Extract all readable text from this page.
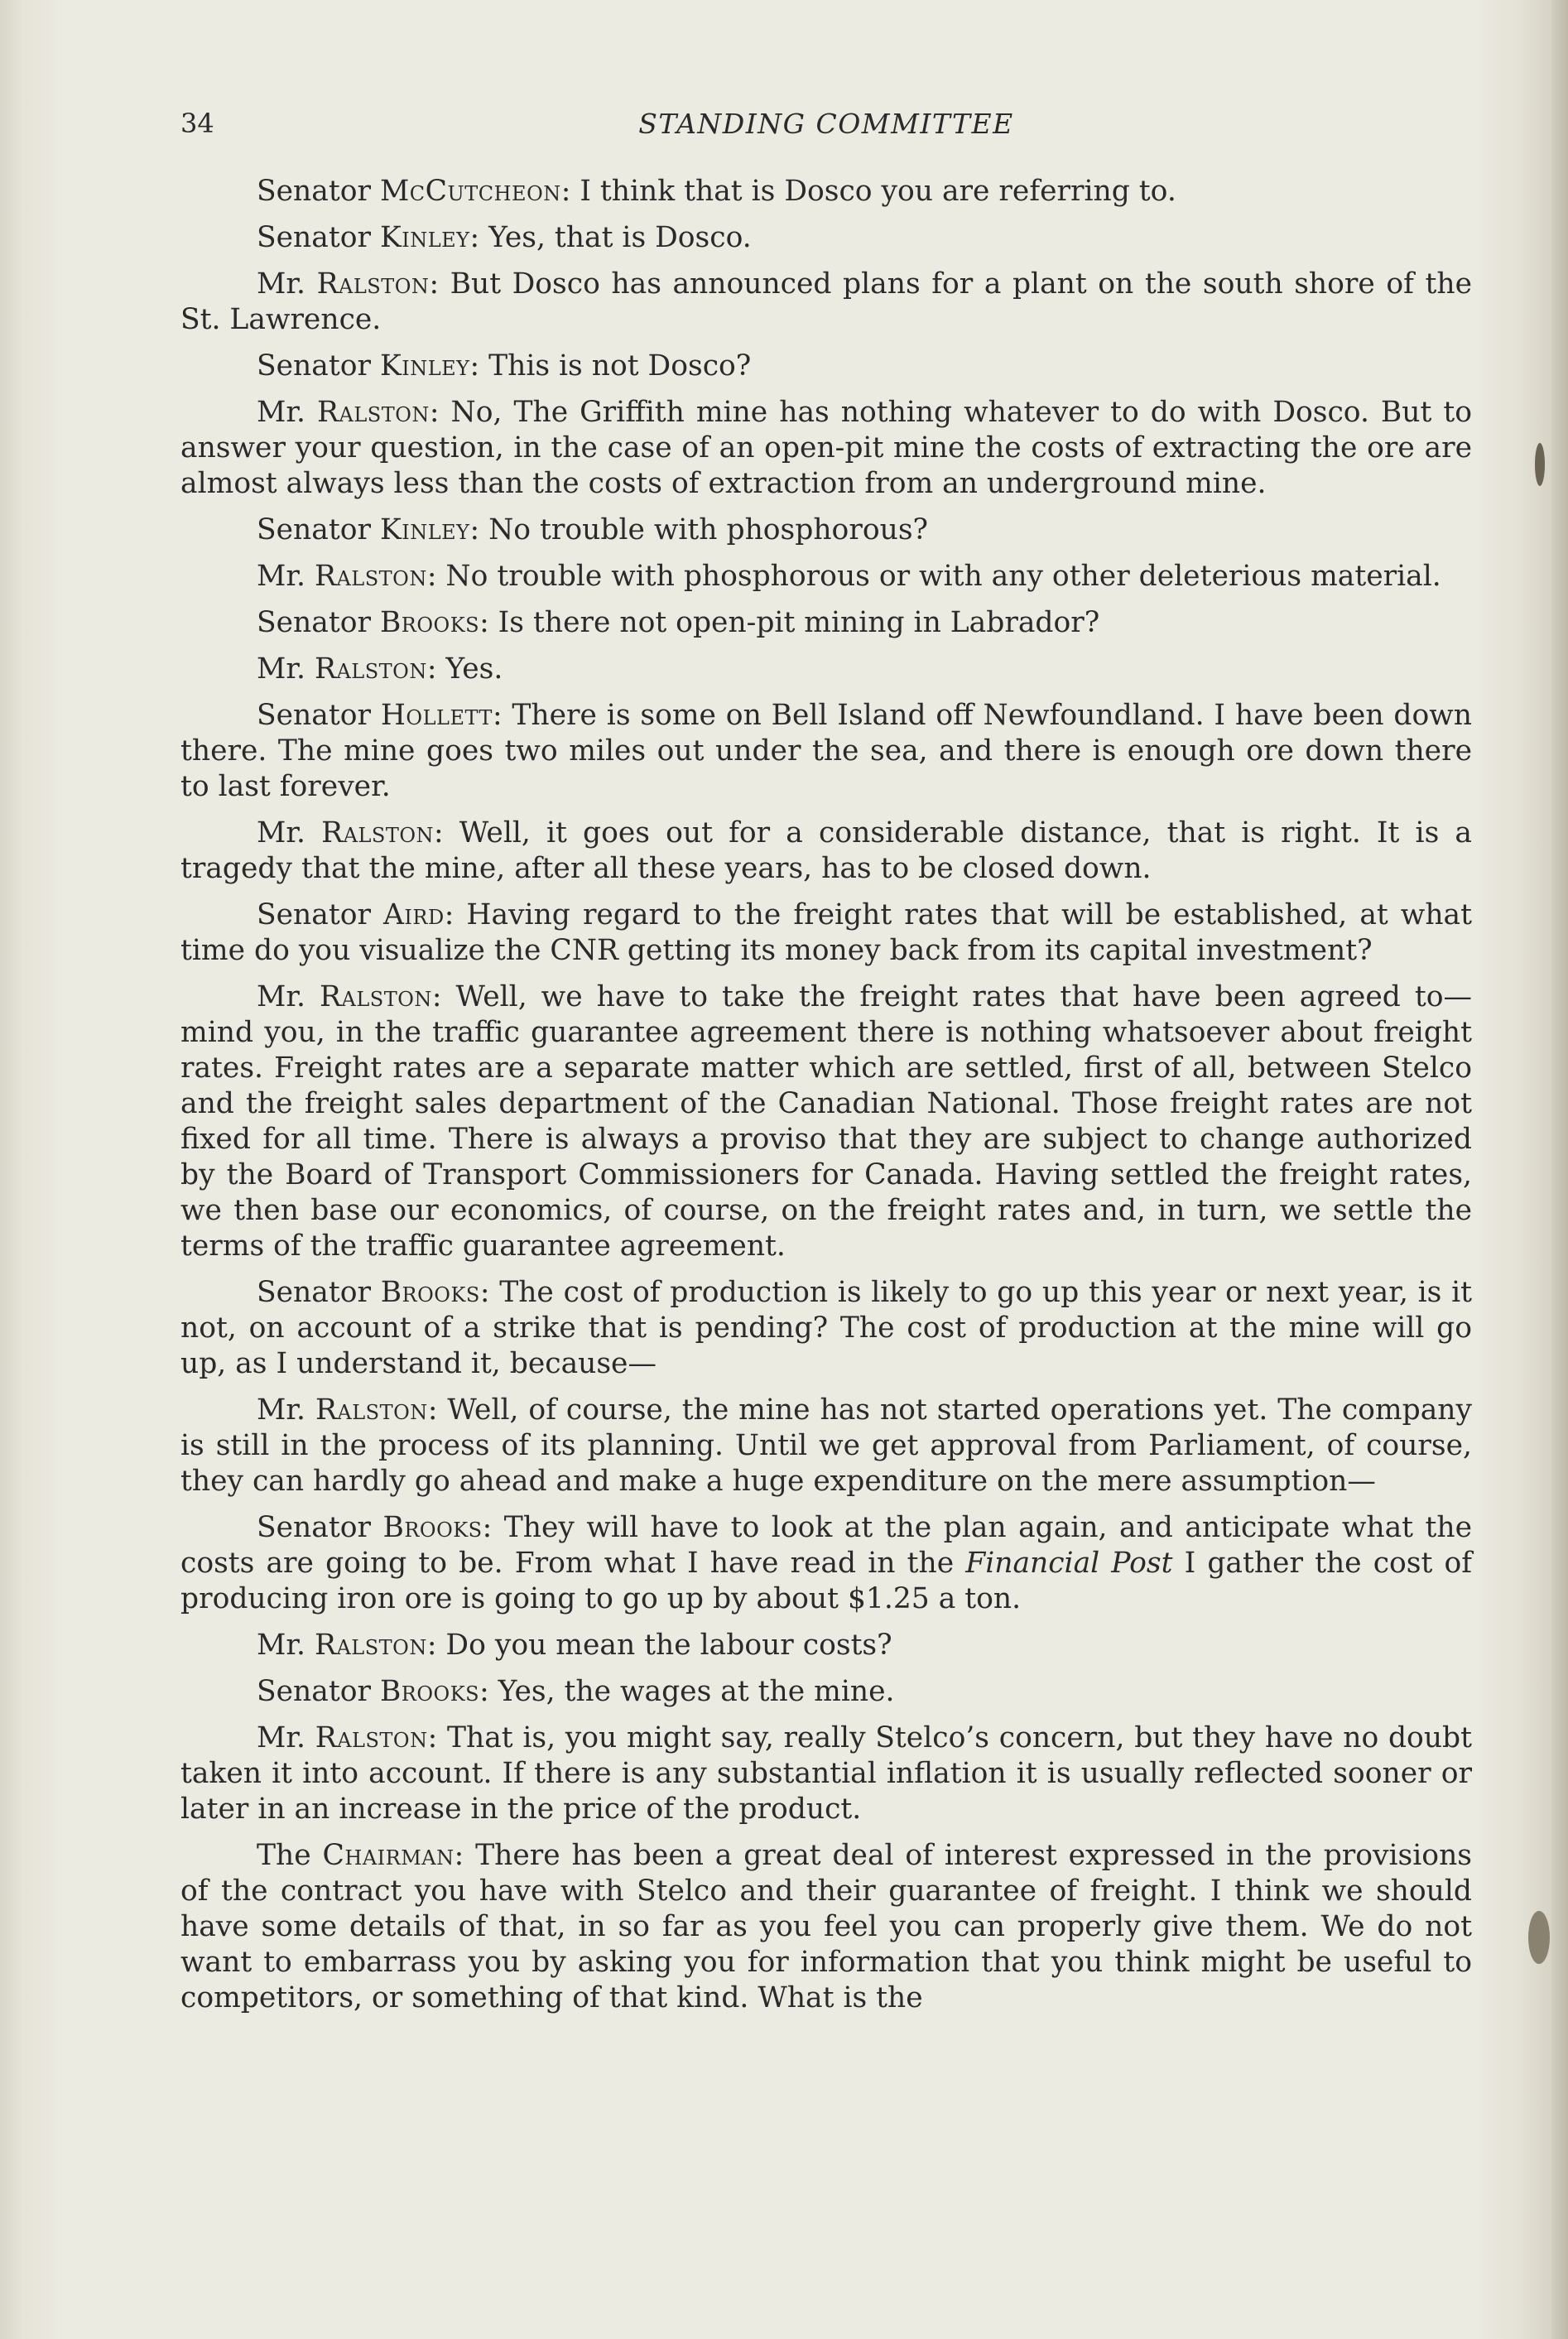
34	STANDING COMMITTEE

Senator McCutcheon: I think that is Dosco you are referring to.

Senator Kinley: Yes, that is Dosco.

Mr. Ralston: But Dosco has announced plans for a plant on the south shore of the St. Lawrence.

Senator Kinley: This is not Dosco?

Mr. Ralston: No, The Griffith mine has nothing whatever to do with Dosco. But to answer your question, in the case of an open-pit mine the costs of extracting the ore are almost always less than the costs of extraction from an underground mine.

Senator Kinley: No trouble with phosphorous?

Mr. Ralston: No trouble with phosphorous or with any other deleterious material.

Senator Brooks: Is there not open-pit mining in Labrador?

Mr. Ralston: Yes.

Senator Hollett: There is some on Bell Island off Newfoundland. I have been down there. The mine goes two miles out under the sea, and there is enough ore down there to last forever.

Mr. Ralston: Well, it goes out for a considerable distance, that is right. It is a tragedy that the mine, after all these years, has to be closed down.

Senator Aird: Having regard to the freight rates that will be established, at what time do you visualize the CNR getting its money back from its capital investment?

Mr. Ralston: Well, we have to take the freight rates that have been agreed to—mind you, in the traffic guarantee agreement there is nothing whatsoever about freight rates. Freight rates are a separate matter which are settled, first of all, between Stelco and the freight sales department of the Canadian National. Those freight rates are not fixed for all time. There is always a proviso that they are subject to change authorized by the Board of Transport Commissioners for Canada. Having settled the freight rates, we then base our economics, of course, on the freight rates and, in turn, we settle the terms of the traffic guarantee agreement.

Senator Brooks: The cost of production is likely to go up this year or next year, is it not, on account of a strike that is pending? The cost of production at the mine will go up, as I understand it, because—

Mr. Ralston: Well, of course, the mine has not started operations yet. The company is still in the process of its planning. Until we get approval from Parliament, of course, they can hardly go ahead and make a huge expenditure on the mere assumption—

Senator Brooks: They will have to look at the plan again, and anticipate what the costs are going to be. From what I have read in the Financial Post I gather the cost of producing iron ore is going to go up by about $1.25 a ton.

Mr. Ralston: Do you mean the labour costs?

Senator Brooks: Yes, the wages at the mine.

Mr. Ralston: That is, you might say, really Stelco’s concern, but they have no doubt taken it into account. If there is any substantial inflation it is usually reflected sooner or later in an increase in the price of the product.

The Chairman: There has been a great deal of interest expressed in the provisions of the contract you have with Stelco and their guarantee of freight. I think we should have some details of that, in so far as you feel you can properly give them. We do not want to embarrass you by asking you for information that you think might be useful to competitors, or something of that kind. What is the
